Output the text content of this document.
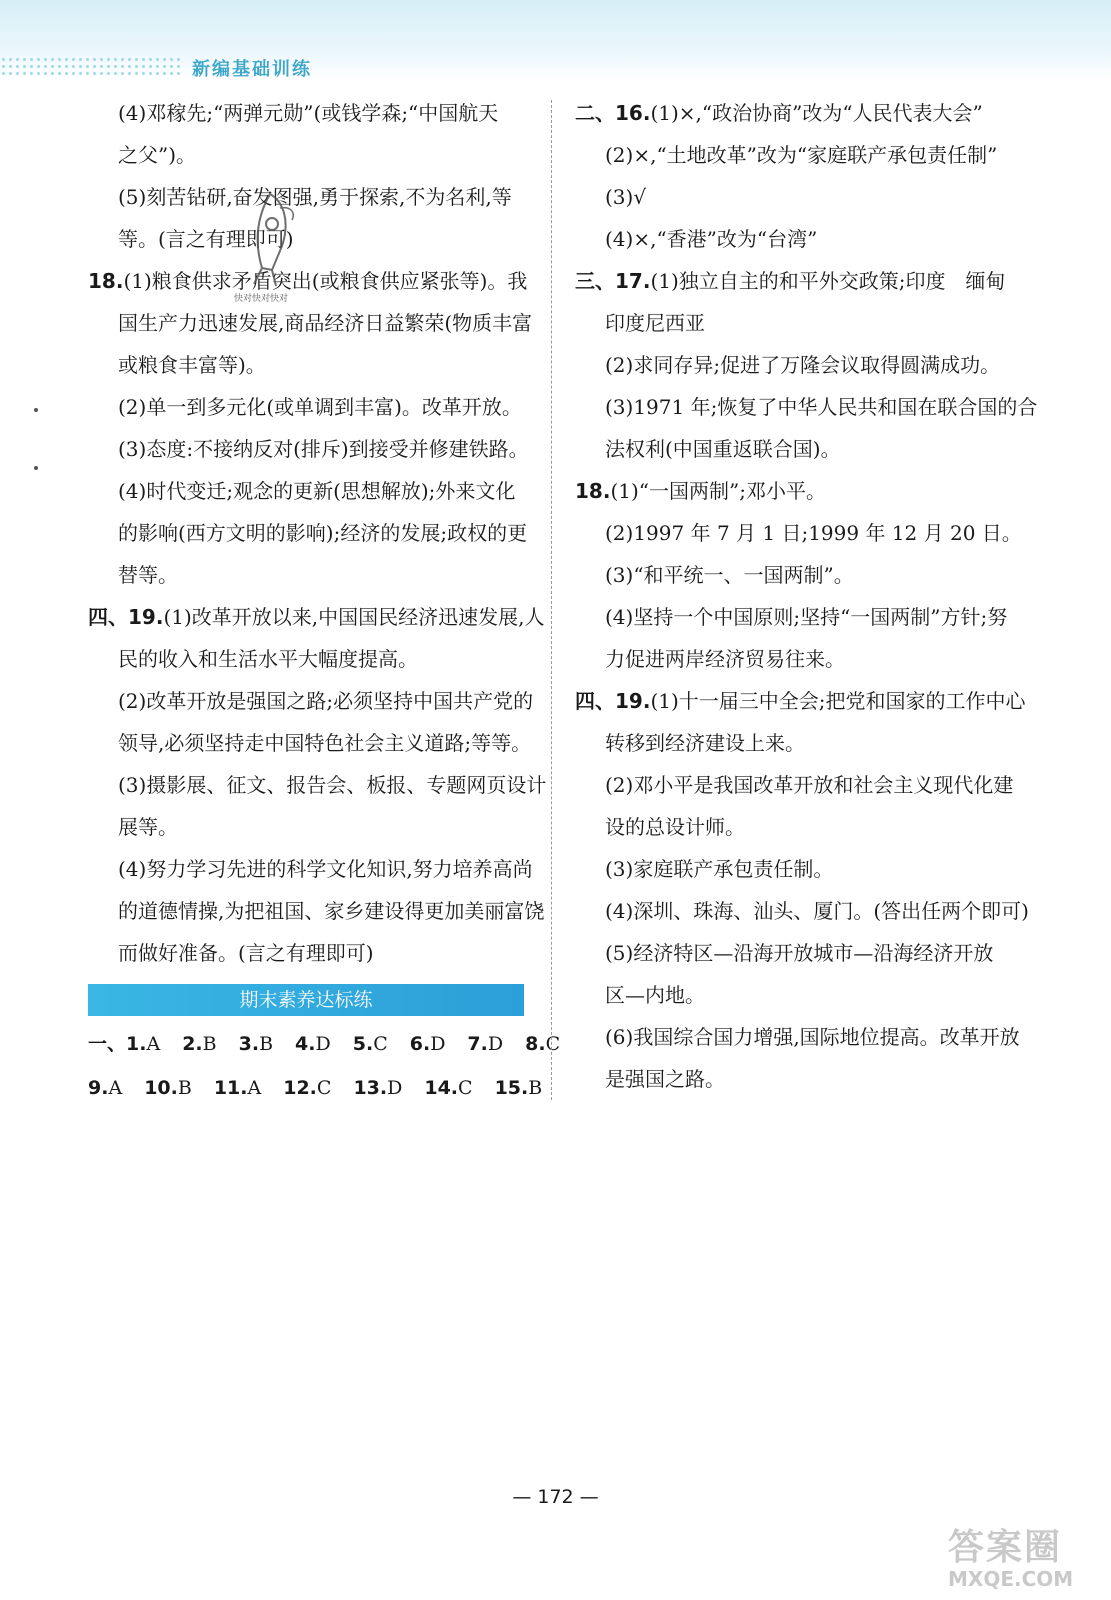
新编基础训练
(4)邓稼先;“两弹元勋”(或钱学森;“中国航天
之父”)。
(5)刻苦钻研,奋发图强,勇于探索,不为名利,等
等。(言之有理即可)
18.(1)粮食供求矛盾突出(或粮食供应紧张等)。我
国生产力迅速发展,商品经济日益繁荣(物质丰富
或粮食丰富等)。
(2)单一到多元化(或单调到丰富)。改革开放。
(3)态度:不接纳反对(排斥)到接受并修建铁路。
(4)时代变迁;观念的更新(思想解放);外来文化
的影响(西方文明的影响);经济的发展;政权的更
替等。
四、19.(1)改革开放以来,中国国民经济迅速发展,人
民的收入和生活水平大幅度提高。
(2)改革开放是强国之路;必须坚持中国共产党的
领导,必须坚持走中国特色社会主义道路;等等。
(3)摄影展、征文、报告会、板报、专题网页设计
展等。
(4)努力学习先进的科学文化知识,努力培养高尚
的道德情操,为把祖国、家乡建设得更加美丽富饶
而做好准备。(言之有理即可)
期末素养达标练
一、1.A 2.B 3.B 4.D 5.C 6.D 7.D 8.C
9.A 10.B 11.A 12.C 13.D 14.C 15.B
二、16.(1)×,“政治协商”改为“人民代表大会”
(2)×,“土地改革”改为“家庭联产承包责任制”
(3)√
(4)×,“香港”改为“台湾”
三、17.(1)独立自主的和平外交政策;印度　缅甸
印度尼西亚
(2)求同存异;促进了万隆会议取得圆满成功。
(3)1971 年;恢复了中华人民共和国在联合国的合
法权利(中国重返联合国)。
18.(1)“一国两制”;邓小平。
(2)1997 年 7 月 1 日;1999 年 12 月 20 日。
(3)“和平统一、一国两制”。
(4)坚持一个中国原则;坚持“一国两制”方针;努
力促进两岸经济贸易往来。
四、19.(1)十一届三中全会;把党和国家的工作中心
转移到经济建设上来。
(2)邓小平是我国改革开放和社会主义现代化建
设的总设计师。
(3)家庭联产承包责任制。
(4)深圳、珠海、汕头、厦门。(答出任两个即可)
(5)经济特区—沿海开放城市—沿海经济开放
区—内地。
(6)我国综合国力增强,国际地位提高。改革开放
是强国之路。
快对快对快对
— 172 —
答案圈
MXQE.COM
